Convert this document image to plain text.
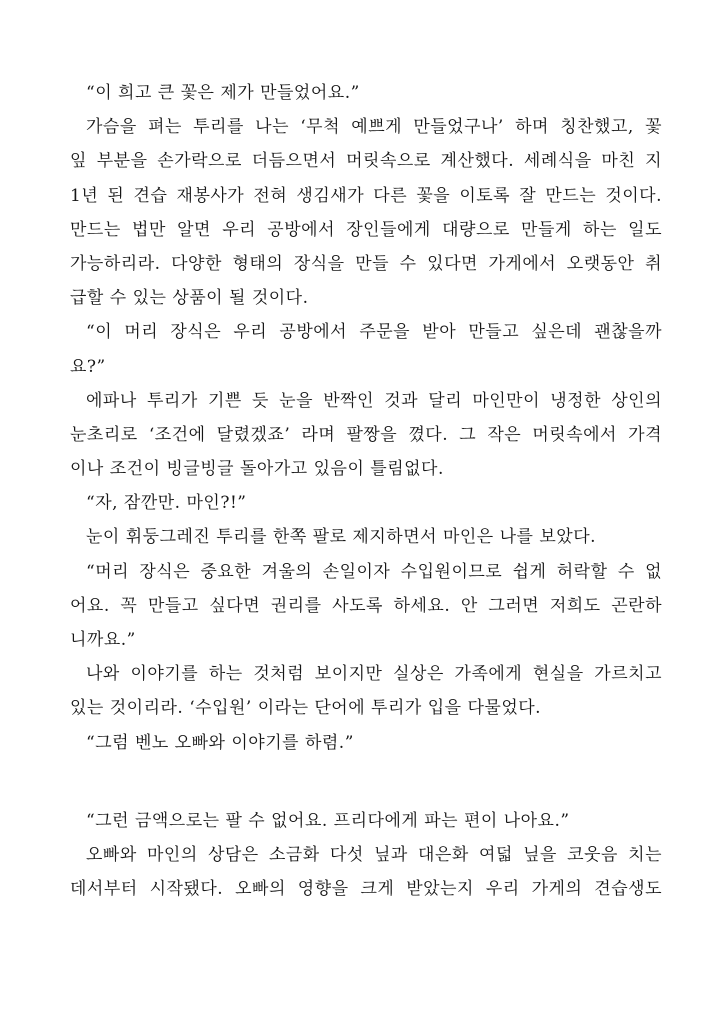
“이 희고 큰 꽃은 제가 만들었어요.”
가슴을 펴는 투리를 나는 ‘무척 예쁘게 만들었구나’ 하며 칭찬했고, 꽃
잎 부분을 손가락으로 더듬으면서 머릿속으로 계산했다. 세례식을 마친 지
1년 된 견습 재봉사가 전혀 생김새가 다른 꽃을 이토록 잘 만드는 것이다.
만드는 법만 알면 우리 공방에서 장인들에게 대량으로 만들게 하는 일도
가능하리라. 다양한 형태의 장식을 만들 수 있다면 가게에서 오랫동안 취
급할 수 있는 상품이 될 것이다.
“이 머리 장식은 우리 공방에서 주문을 받아 만들고 싶은데 괜찮을까
요?”
에파나 투리가 기쁜 듯 눈을 반짝인 것과 달리 마인만이 냉정한 상인의
눈초리로 ‘조건에 달렸겠죠’ 라며 팔짱을 꼈다. 그 작은 머릿속에서 가격
이나 조건이 빙글빙글 돌아가고 있음이 틀림없다.
“자, 잠깐만. 마인?!”
눈이 휘둥그레진 투리를 한쪽 팔로 제지하면서 마인은 나를 보았다.
“머리 장식은 중요한 겨울의 손일이자 수입원이므로 쉽게 허락할 수 없
어요. 꼭 만들고 싶다면 권리를 사도록 하세요. 안 그러면 저희도 곤란하
니까요.”
나와 이야기를 하는 것처럼 보이지만 실상은 가족에게 현실을 가르치고
있는 것이리라. ‘수입원’ 이라는 단어에 투리가 입을 다물었다.
“그럼 벤노 오빠와 이야기를 하렴.”
“그런 금액으로는 팔 수 없어요. 프리다에게 파는 편이 나아요.”
오빠와 마인의 상담은 소금화 다섯 닢과 대은화 여덟 닢을 코웃음 치는
데서부터 시작됐다. 오빠의 영향을 크게 받았는지 우리 가게의 견습생도
